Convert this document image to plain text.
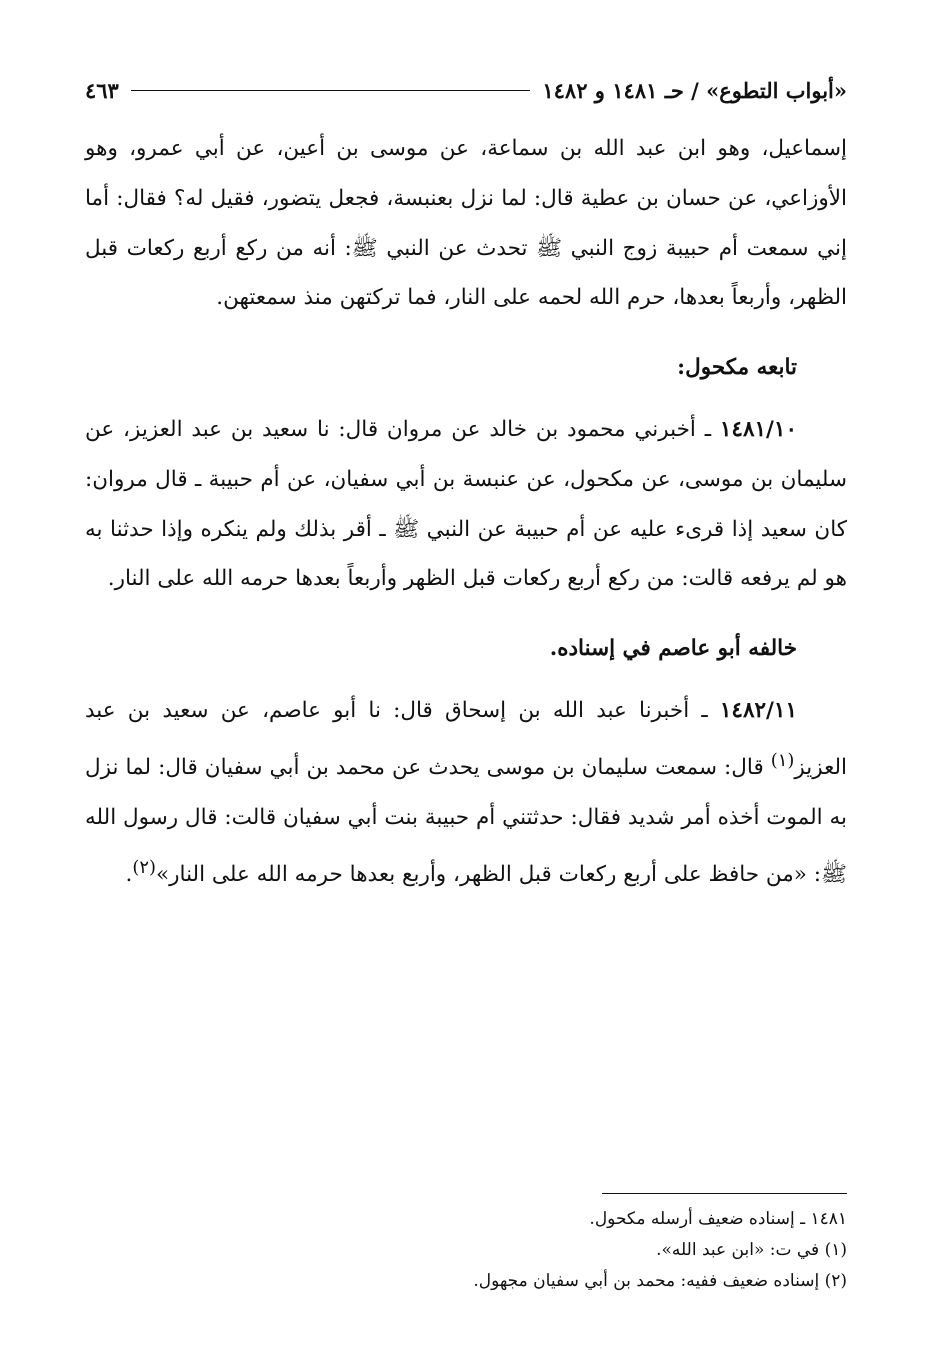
«أبواب التطوع» / حـ ١٤٨١ و ١٤٨٢
٤٦٣

إسماعيل، وهو ابن عبد الله بن سماعة، عن موسى بن أعين، عن أبي عمرو، وهو الأوزاعي، عن حسان بن عطية قال: لما نزل بعنبسة، فجعل يتضور، فقيل له؟ فقال: أما إني سمعت أم حبيبة زوج النبي ﷺ تحدث عن النبي ﷺ: أنه من ركع أربع ركعات قبل الظهر، وأربعاً بعدها، حرم الله لحمه على النار، فما تركتهن منذ سمعتهن.

تابعه مكحول:

١٤٨١/١٠ ـ أخبرني محمود بن خالد عن مروان قال: نا سعيد بن عبد العزيز، عن سليمان بن موسى، عن مكحول، عن عنبسة بن أبي سفيان، عن أم حبيبة ـ قال مروان: كان سعيد إذا قرىء عليه عن أم حبيبة عن النبي ﷺ ـ أقر بذلك ولم ينكره وإذا حدثنا به هو لم يرفعه قالت: من ركع أربع ركعات قبل الظهر وأربعاً بعدها حرمه الله على النار.

خالفه أبو عاصم في إسناده.

١٤٨٢/١١ ـ أخبرنا عبد الله بن إسحاق قال: نا أبو عاصم، عن سعيد بن عبد العزيز$^{(١)}$ قال: سمعت سليمان بن موسى يحدث عن محمد بن أبي سفيان قال: لما نزل به الموت أخذه أمر شديد فقال: حدثتني أم حبيبة بنت أبي سفيان قالت: قال رسول الله ﷺ: «من حافظ على أربع ركعات قبل الظهر، وأربع بعدها حرمه الله على النار»$^{(٢)}$.

١٤٨١ ـ إسناده ضعيف أرسله مكحول.

(١) في ت: «ابن عبد الله».

(٢) إسناده ضعيف ففيه: محمد بن أبي سفيان مجهول.
